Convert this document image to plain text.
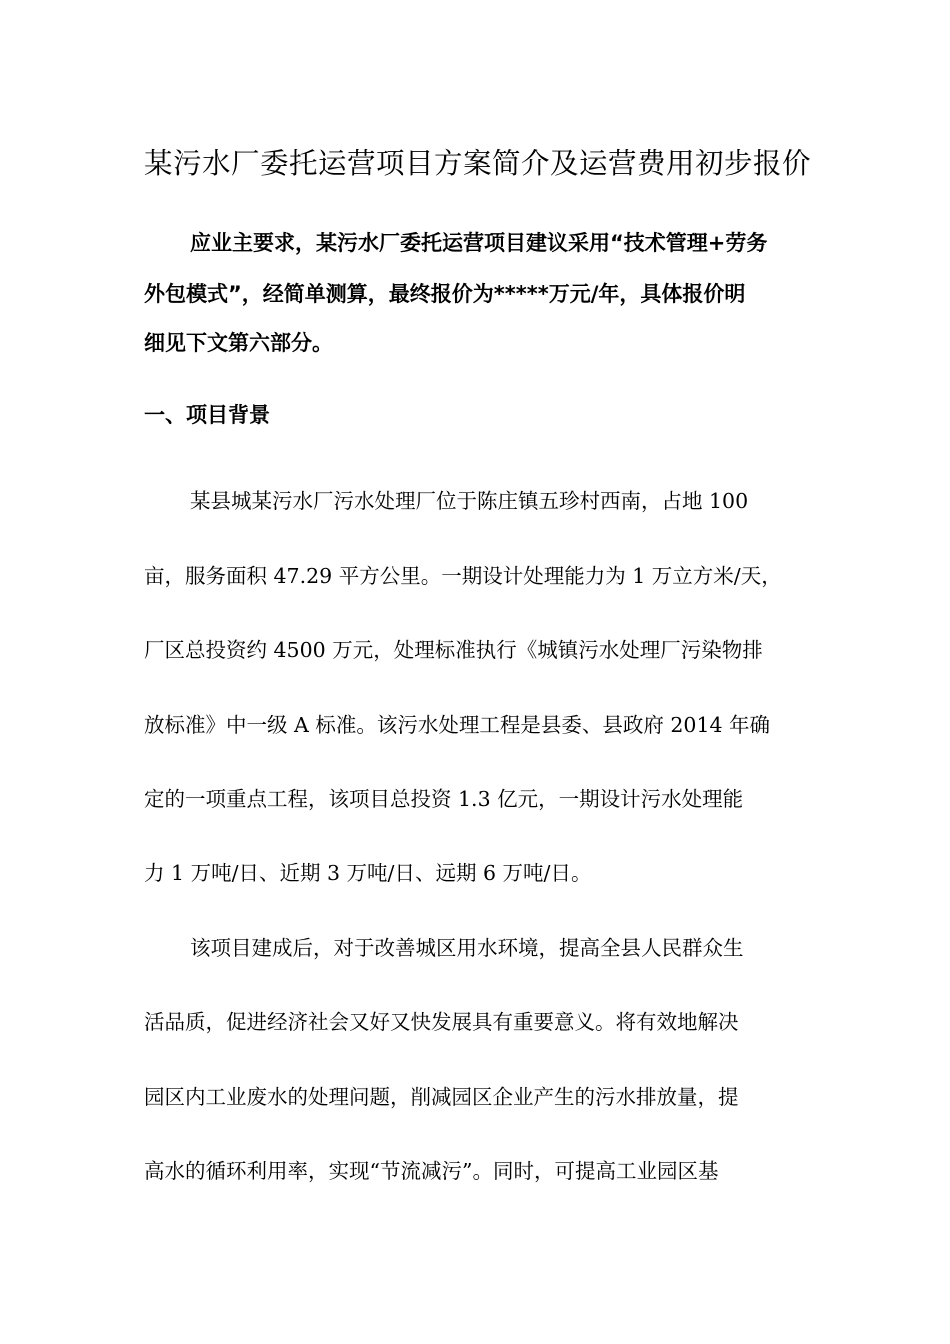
某污水厂委托运营项目方案简介及运营费用初步报价
应业主要求，某污水厂委托运营项目建议采用“技术管理+劳务
外包模式”，经简单测算，最终报价为*****万元/年，具体报价明
细见下文第六部分。
一、项目背景
某县城某污水厂污水处理厂位于陈庄镇五珍村西南，占地 100
亩，服务面积 47.29 平方公里。一期设计处理能力为 1 万立方米/天，
厂区总投资约 4500 万元，处理标准执行《城镇污水处理厂污染物排
放标准》中一级 A 标准。该污水处理工程是县委、县政府 2014 年确
定的一项重点工程，该项目总投资 1.3 亿元，一期设计污水处理能
力 1 万吨/日、近期 3 万吨/日、远期 6 万吨/日。
该项目建成后，对于改善城区用水环境，提高全县人民群众生
活品质，促进经济社会又好又快发展具有重要意义。将有效地解决
园区内工业废水的处理问题，削减园区企业产生的污水排放量，提
高水的循环利用率，实现“节流减污”。同时，可提高工业园区基
